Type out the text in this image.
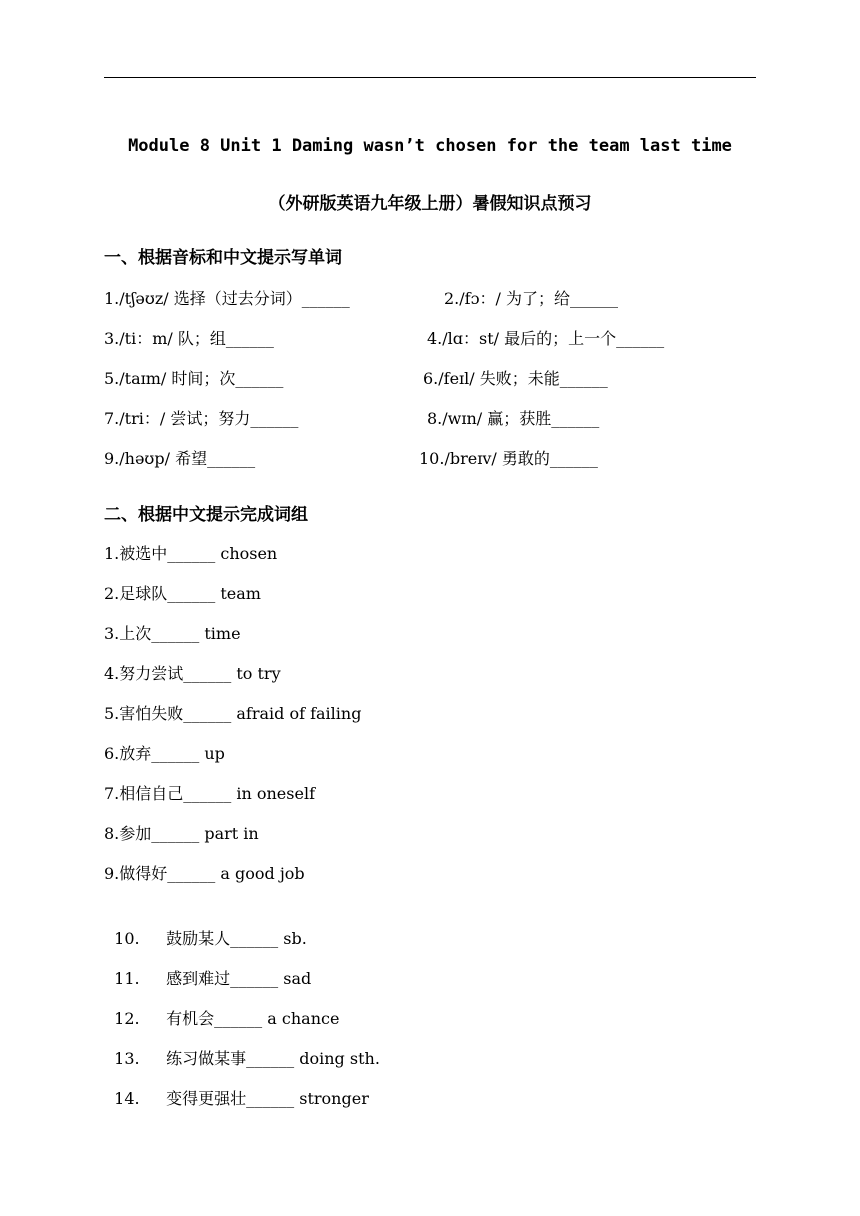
Module 8 Unit 1 Daming wasn’t chosen for the team last time
（外研版英语九年级上册）暑假知识点预习
一、根据音标和中文提示写单词
1./tʃəʊz/ 选择（过去分词）______	2./fɔ：/ 为了；给______
3./ti：m/ 队；组______	4./lɑ：st/ 最后的；上一个______
5./taɪm/ 时间；次______	6./feɪl/ 失败；未能______
7./tri：/ 尝试；努力______	8./wɪn/ 赢；获胜______
9./həʊp/ 希望______	10./breɪv/ 勇敢的______
二、根据中文提示完成词组
1.被选中______ chosen
2.足球队______ team
3.上次______ time
4.努力尝试______ to try
5.害怕失败______ afraid of failing
6.放弃______ up
7.相信自己______ in oneself
8.参加______ part in
9.做得好______ a good job

10. 鼓励某人______ sb.

11. 感到难过______ sad

12. 有机会______ a chance

13. 练习做某事______ doing sth.

14. 变得更强壮______ stronger
